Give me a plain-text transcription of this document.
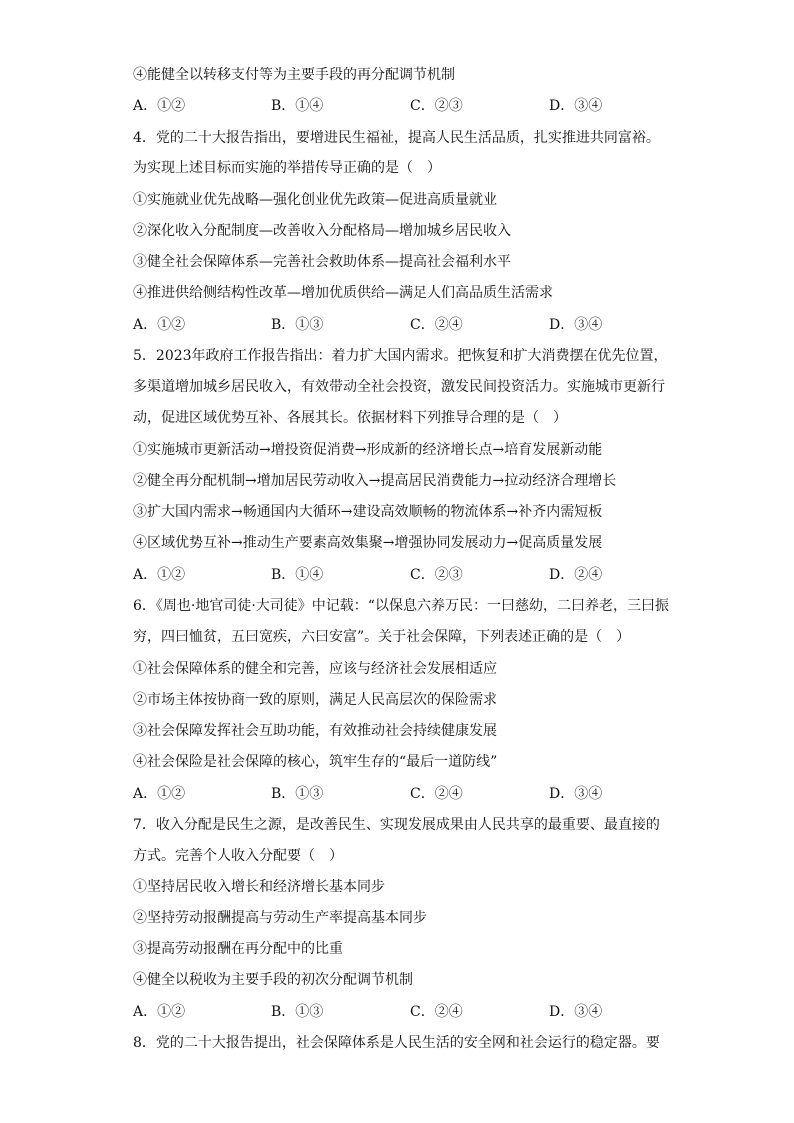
④能健全以转移支付等为主要手段的再分配调节机制
A．①②	B．①④	C．②③	D．③④
4．党的二十大报告指出，要增进民生福祉，提高人民生活品质，扎实推进共同富裕。
为实现上述目标而实施的举措传导正确的是（　）
①实施就业优先战略—强化创业优先政策—促进高质量就业
②深化收入分配制度—改善收入分配格局—增加城乡居民收入
③健全社会保障体系—完善社会救助体系—提高社会福利水平
④推进供给侧结构性改革—增加优质供给—满足人们高品质生活需求
A．①②	B．①③	C．②④	D．③④
5．2023年政府工作报告指出：着力扩大国内需求。把恢复和扩大消费摆在优先位置，
多渠道增加城乡居民收入，有效带动全社会投资，激发民间投资活力。实施城市更新行
动，促进区域优势互补、各展其长。依据材料下列推导合理的是（　）
①实施城市更新活动→增投资促消费→形成新的经济增长点→培育发展新动能
②健全再分配机制→增加居民劳动收入→提高居民消费能力→拉动经济合理增长
③扩大国内需求→畅通国内大循环→建设高效顺畅的物流体系→补齐内需短板
④区域优势互补→推动生产要素高效集聚→增强协同发展动力→促高质量发展
A．①②	B．①④	C．②③	D．②④
6．《周也·地官司徒·大司徒》中记载：“以保息六养万民：一曰慈幼，二曰养老，三曰振
穷，四曰恤贫，五曰宽疾，六曰安富”。关于社会保障，下列表述正确的是（　）
①社会保障体系的健全和完善，应该与经济社会发展相适应
②市场主体按协商一致的原则，满足人民高层次的保险需求
③社会保障发挥社会互助功能，有效推动社会持续健康发展
④社会保险是社会保障的核心，筑牢生存的“最后一道防线”
A．①②	B．①③	C．②④	D．③④
7．收入分配是民生之源，是改善民生、实现发展成果由人民共享的最重要、最直接的
方式。完善个人收入分配要（　）
①坚持居民收入增长和经济增长基本同步
②坚持劳动报酬提高与劳动生产率提高基本同步
③提高劳动报酬在再分配中的比重
④健全以税收为主要手段的初次分配调节机制
A．①②	B．①③	C．②④	D．③④
8．党的二十大报告提出，社会保障体系是人民生活的安全网和社会运行的稳定器。要
